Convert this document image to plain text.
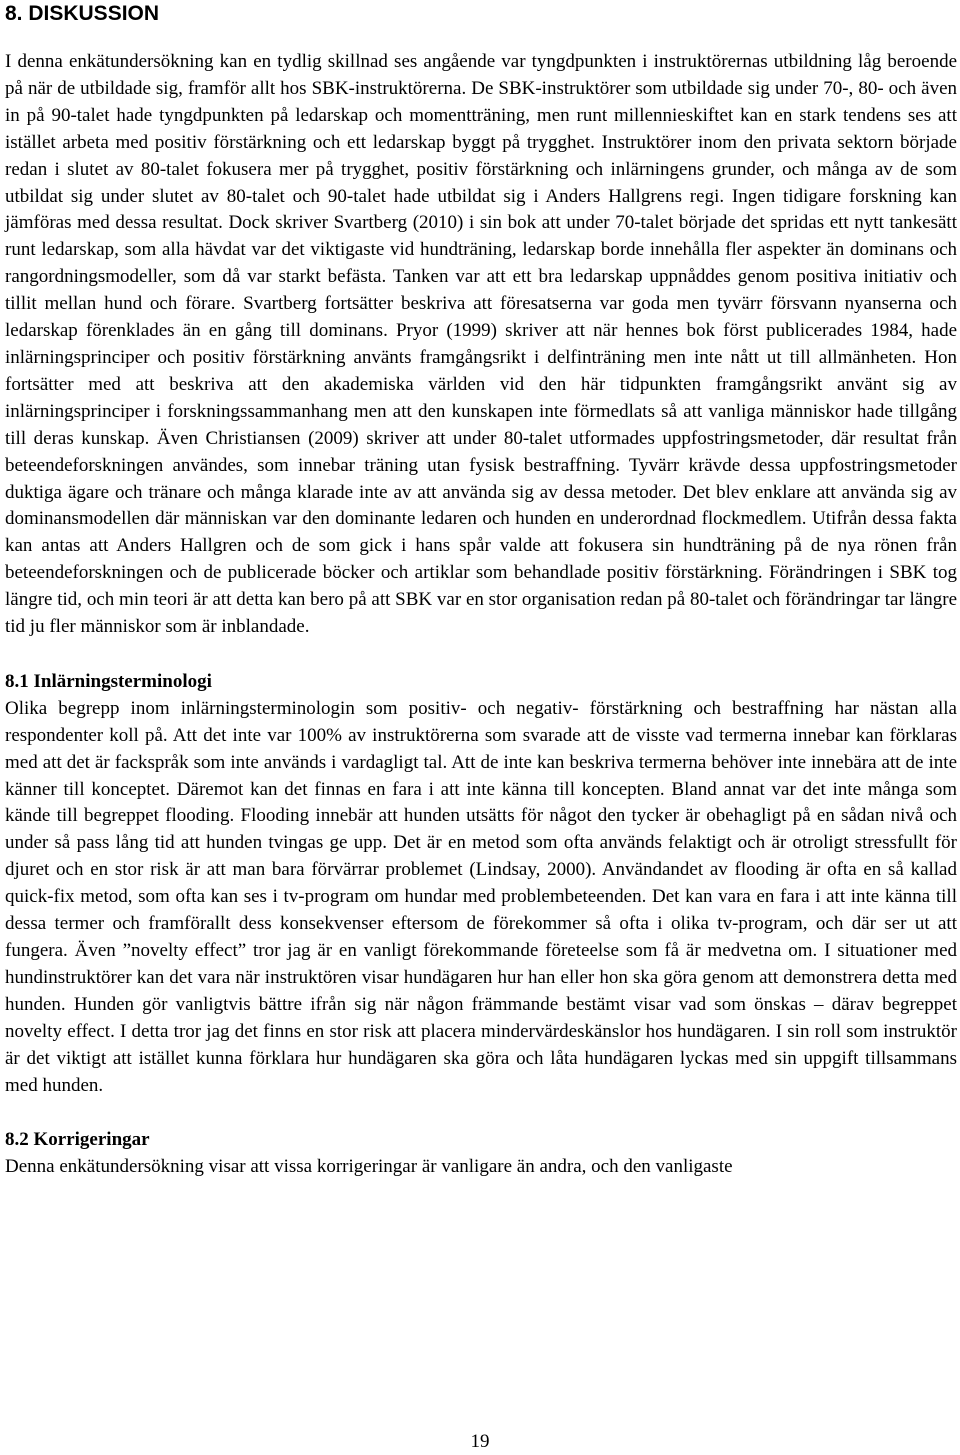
8. DISKUSSION

I denna enkätundersökning kan en tydlig skillnad ses angående var tyngdpunkten i instruktörernas utbildning låg beroende på när de utbildade sig, framför allt hos SBK-instruktörerna. De SBK-instruktörer som utbildade sig under 70-, 80- och även in på 90-talet hade tyngdpunkten på ledarskap och momentträning, men runt millennieskiftet kan en stark tendens ses att istället arbeta med positiv förstärkning och ett ledarskap byggt på trygghet. Instruktörer inom den privata sektorn började redan i slutet av 80-talet fokusera mer på trygghet, positiv förstärkning och inlärningens grunder, och många av de som utbildat sig under slutet av 80-talet och 90-talet hade utbildat sig i Anders Hallgrens regi. Ingen tidigare forskning kan jämföras med dessa resultat. Dock skriver Svartberg (2010) i sin bok att under 70-talet började det spridas ett nytt tankesätt runt ledarskap, som alla hävdat var det viktigaste vid hundträning, ledarskap borde innehålla fler aspekter än dominans och rangordningsmodeller, som då var starkt befästa. Tanken var att ett bra ledarskap uppnåddes genom positiva initiativ och tillit mellan hund och förare. Svartberg fortsätter beskriva att föresatserna var goda men tyvärr försvann nyanserna och ledarskap förenklades än en gång till dominans. Pryor (1999) skriver att när hennes bok först publicerades 1984, hade inlärningsprinciper och positiv förstärkning använts framgångsrikt i delfinträning men inte nått ut till allmänheten. Hon fortsätter med att beskriva att den akademiska världen vid den här tidpunkten framgångsrikt använt sig av inlärningsprinciper i forskningssammanhang men att den kunskapen inte förmedlats så att vanliga människor hade tillgång till deras kunskap. Även Christiansen (2009) skriver att under 80-talet utformades uppfostringsmetoder, där resultat från beteendeforskningen användes, som innebar träning utan fysisk bestraffning. Tyvärr krävde dessa uppfostringsmetoder duktiga ägare och tränare och många klarade inte av att använda sig av dessa metoder. Det blev enklare att använda sig av dominansmodellen där människan var den dominante ledaren och hunden en underordnad flockmedlem. Utifrån dessa fakta kan antas att Anders Hallgren och de som gick i hans spår valde att fokusera sin hundträning på de nya rönen från beteendeforskningen och de publicerade böcker och artiklar som behandlade positiv förstärkning. Förändringen i SBK tog längre tid, och min teori är att detta kan bero på att SBK var en stor organisation redan på 80-talet och förändringar tar längre tid ju fler människor som är inblandade.

8.1 Inlärningsterminologi

Olika begrepp inom inlärningsterminologin som positiv- och negativ- förstärkning och bestraffning har nästan alla respondenter koll på. Att det inte var 100% av instruktörerna som svarade att de visste vad termerna innebar kan förklaras med att det är fackspråk som inte används i vardagligt tal. Att de inte kan beskriva termerna behöver inte innebära att de inte känner till konceptet. Däremot kan det finnas en fara i att inte känna till koncepten. Bland annat var det inte många som kände till begreppet flooding. Flooding innebär att hunden utsätts för något den tycker är obehagligt på en sådan nivå och under så pass lång tid att hunden tvingas ge upp. Det är en metod som ofta används felaktigt och är otroligt stressfullt för djuret och en stor risk är att man bara förvärrar problemet (Lindsay, 2000). Användandet av flooding är ofta en så kallad quick-fix metod, som ofta kan ses i tv-program om hundar med problembeteenden. Det kan vara en fara i att inte känna till dessa termer och framförallt dess konsekvenser eftersom de förekommer så ofta i olika tv-program, och där ser ut att fungera. Även ”novelty effect” tror jag är en vanligt förekommande företeelse som få är medvetna om. I situationer med hundinstruktörer kan det vara när instruktören visar hundägaren hur han eller hon ska göra genom att demonstrera detta med hunden. Hunden gör vanligtvis bättre ifrån sig när någon främmande bestämt visar vad som önskas – därav begreppet novelty effect. I detta tror jag det finns en stor risk att placera mindervärdeskänslor hos hundägaren. I sin roll som instruktör är det viktigt att istället kunna förklara hur hundägaren ska göra och låta hundägaren lyckas med sin uppgift tillsammans med hunden.

8.2 Korrigeringar

Denna enkätundersökning visar att vissa korrigeringar är vanligare än andra, och den vanligaste

19
